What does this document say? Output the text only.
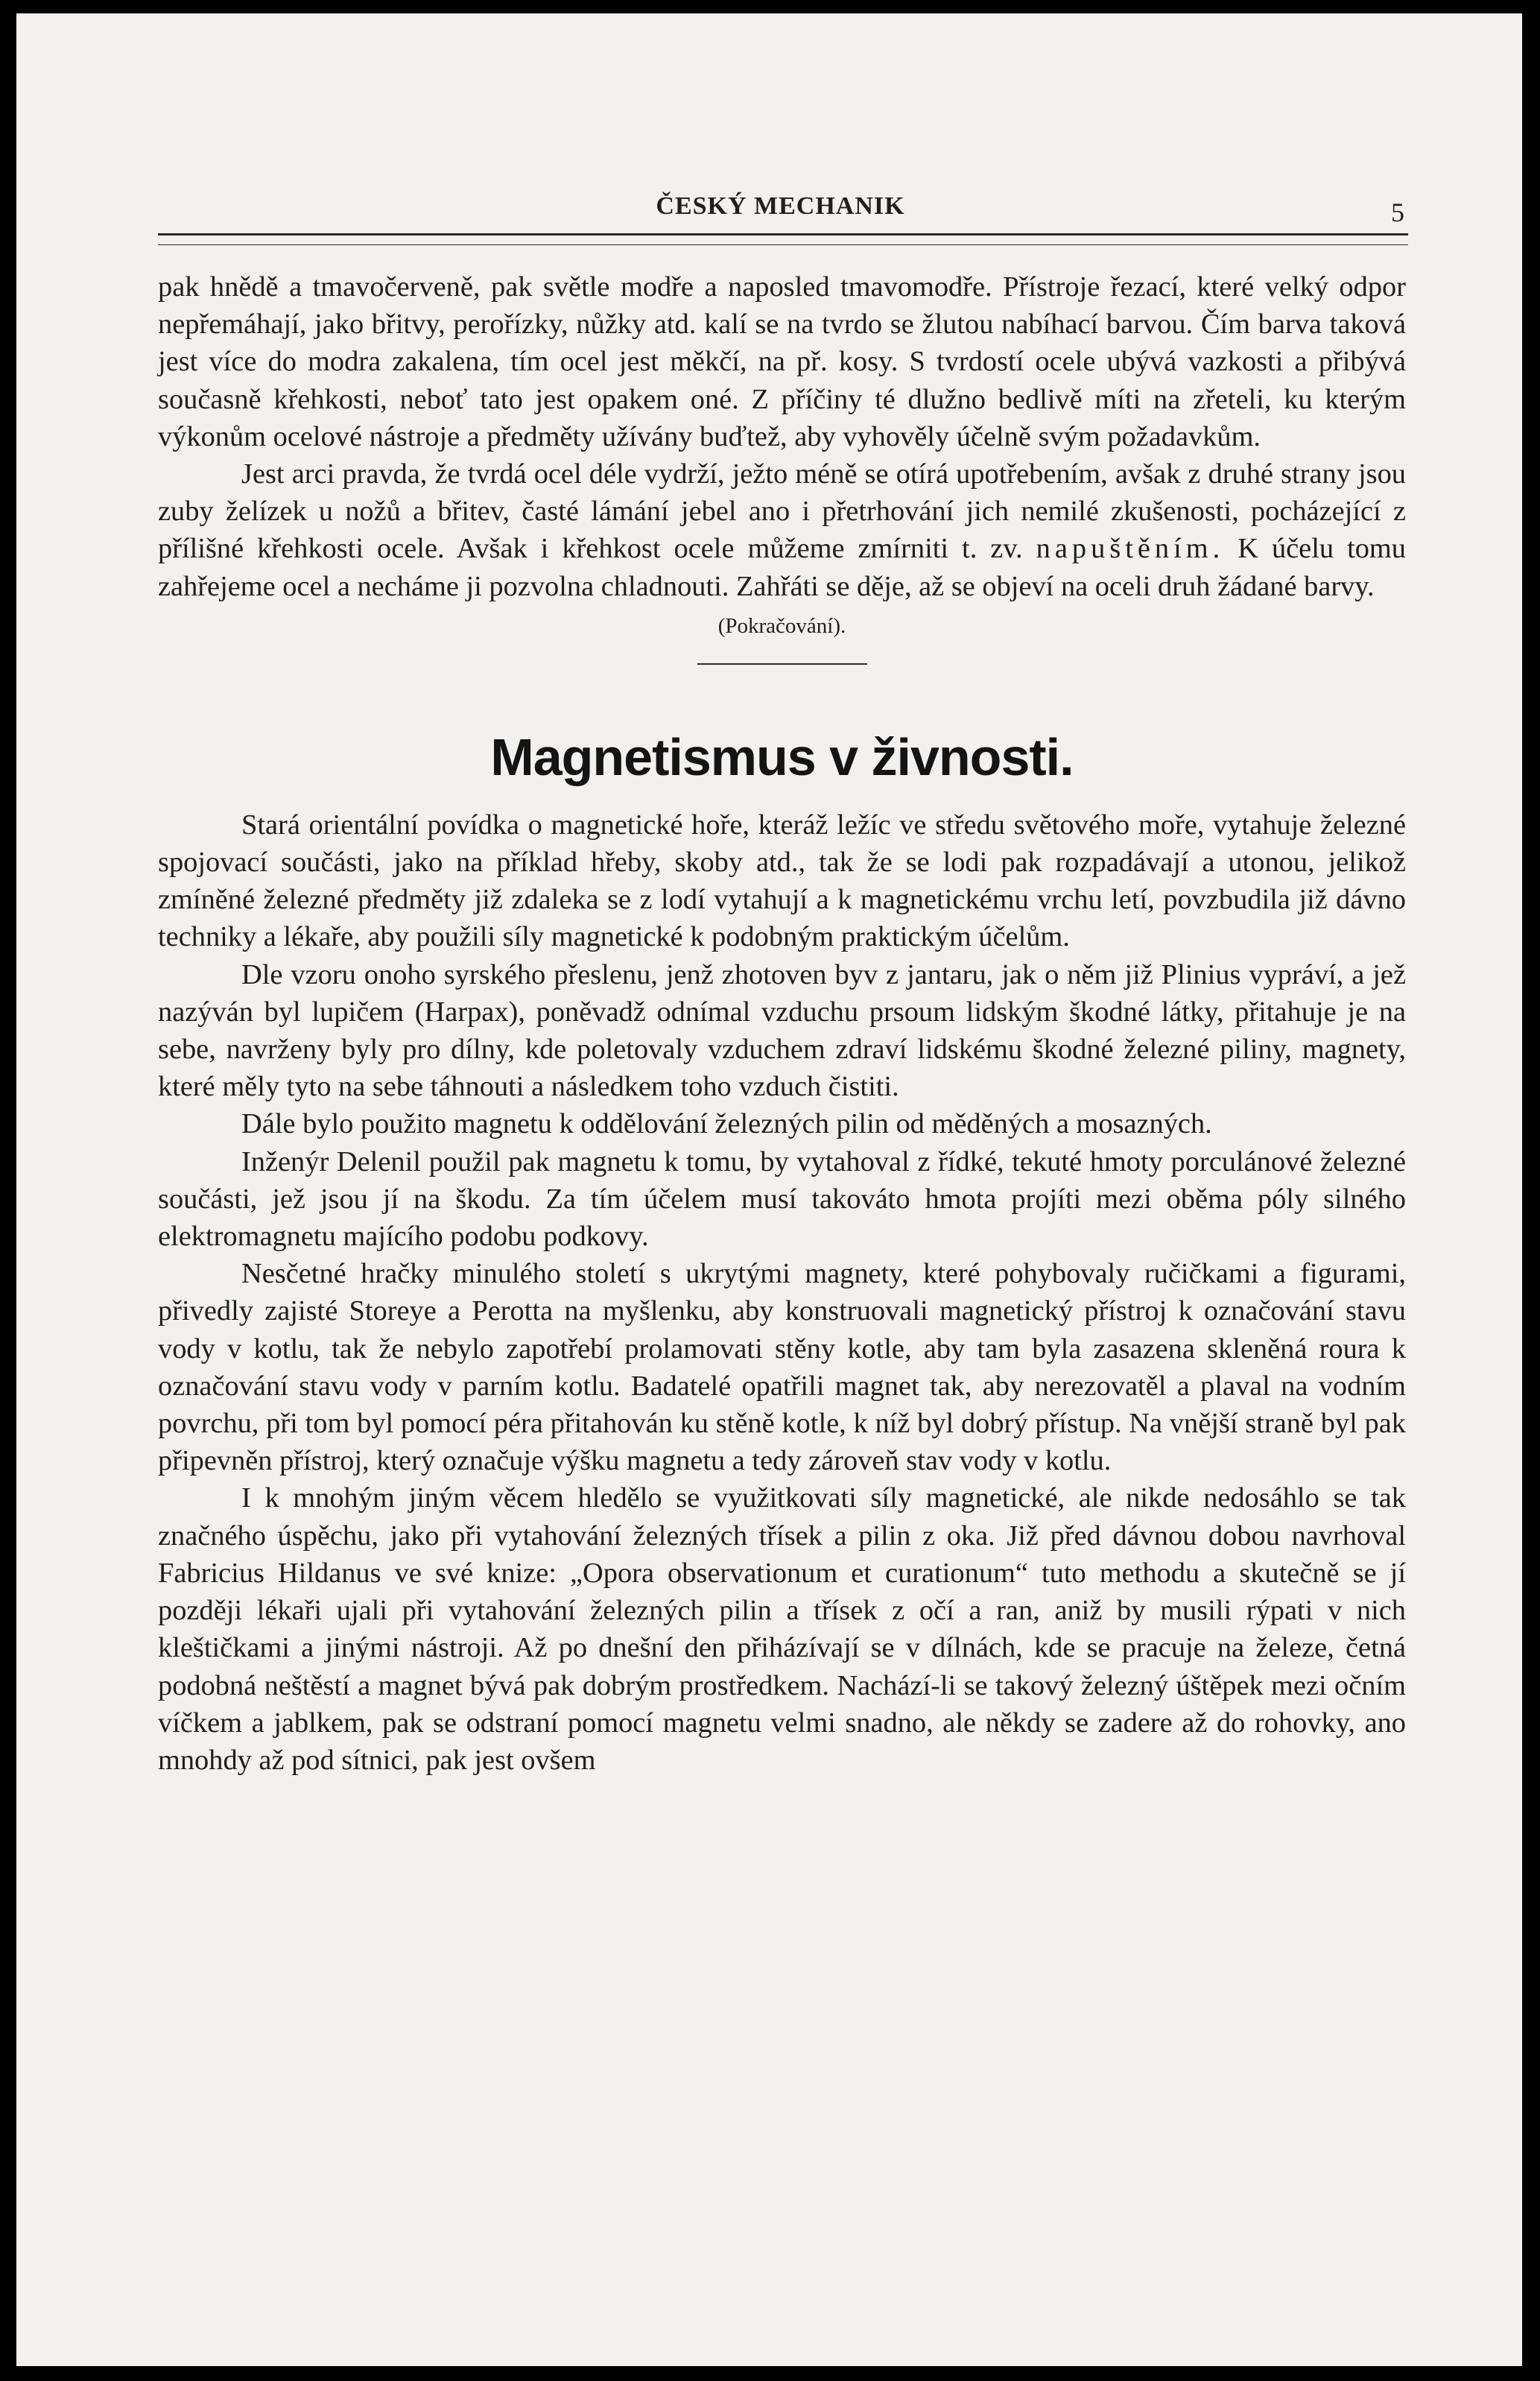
ČESKÝ MECHANIK	5

pak hnědě a tmavočerveně, pak světle modře a naposled tmavomodře. Přístroje řezací, které velký odpor nepřemáhají, jako břitvy, perořízky, nůžky atd. kalí se na tvrdo se žlutou nabíhací barvou. Čím barva taková jest více do modra zakalena, tím ocel jest měkčí, na př. kosy. S tvrdostí ocele ubývá vazkosti a přibývá současně křehkosti, neboť tato jest opakem oné. Z příčiny té dlužno bedlivě míti na zřeteli, ku kterým výkonům ocelové nástroje a předměty užívány buďtež, aby vyhověly účelně svým požadavkům.

Jest arci pravda, že tvrdá ocel déle vydrží, ježto méně se otírá upotřebením, avšak z druhé strany jsou zuby želízek u nožů a břitev, časté lámání jebel ano i přetrhování jich nemilé zkušenosti, pocházející z přílišné křehkosti ocele. Avšak i křehkost ocele můžeme zmírniti t. zv. napuštěním. K účelu tomu zahřejeme ocel a necháme ji pozvolna chladnouti. Zahřáti se děje, až se objeví na oceli druh žádané barvy.

(Pokračování).

Magnetismus v živnosti.

Stará orientální povídka o magnetické hoře, kteráž ležíc ve středu světového moře, vytahuje železné spojovací součásti, jako na příklad hřeby, skoby atd., tak že se lodi pak rozpadávají a utonou, jelikož zmíněné železné předměty již zdaleka se z lodí vytahují a k magnetickému vrchu letí, povzbudila již dávno techniky a lékaře, aby použili síly magnetické k podobným praktickým účelům.

Dle vzoru onoho syrského přeslenu, jenž zhotoven byv z jantaru, jak o něm již Plinius vypráví, a jež nazýván byl lupičem (Harpax), poněvadž odnímal vzduchu prsoum lidským škodné látky, přitahuje je na sebe, navrženy byly pro dílny, kde poletovaly vzduchem zdraví lidskému škodné železné piliny, magnety, které měly tyto na sebe táhnouti a následkem toho vzduch čistiti.

Dále bylo použito magnetu k oddělování železných pilin od měděných a mosazných.

Inženýr Delenil použil pak magnetu k tomu, by vytahoval z řídké, tekuté hmoty porculánové železné součásti, jež jsou jí na škodu. Za tím účelem musí takováto hmota projíti mezi oběma póly silného elektromagnetu majícího podobu podkovy.

Nesčetné hračky minulého století s ukrytými magnety, které pohybovaly ručičkami a figurami, přivedly zajisté Storeye a Perotta na myšlenku, aby konstruovali magnetický přístroj k označování stavu vody v kotlu, tak že nebylo zapotřebí prolamovati stěny kotle, aby tam byla zasazena skleněná roura k označování stavu vody v parním kotlu. Badatelé opatřili magnet tak, aby nerezovatěl a plaval na vodním povrchu, při tom byl pomocí péra přitahován ku stěně kotle, k níž byl dobrý přístup. Na vnější straně byl pak připevněn přístroj, který označuje výšku magnetu a tedy zároveň stav vody v kotlu.

I k mnohým jiným věcem hledělo se využitkovati síly magnetické, ale nikde nedosáhlo se tak značného úspěchu, jako při vytahování železných třísek a pilin z oka. Již před dávnou dobou navrhoval Fabricius Hildanus ve své knize: „Opora observationum et curationum“ tuto methodu a skutečně se jí později lékaři ujali při vytahování železných pilin a třísek z očí a ran, aniž by musili rýpati v nich kleštičkami a jinými nástroji. Až po dnešní den přiházívají se v dílnách, kde se pracuje na železe, četná podobná neštěstí a magnet bývá pak dobrým prostředkem. Nachází-li se takový železný úštěpek mezi očním víčkem a jablkem, pak se odstraní pomocí magnetu velmi snadno, ale někdy se zadere až do rohovky, ano mnohdy až pod sítnici, pak jest ovšem
